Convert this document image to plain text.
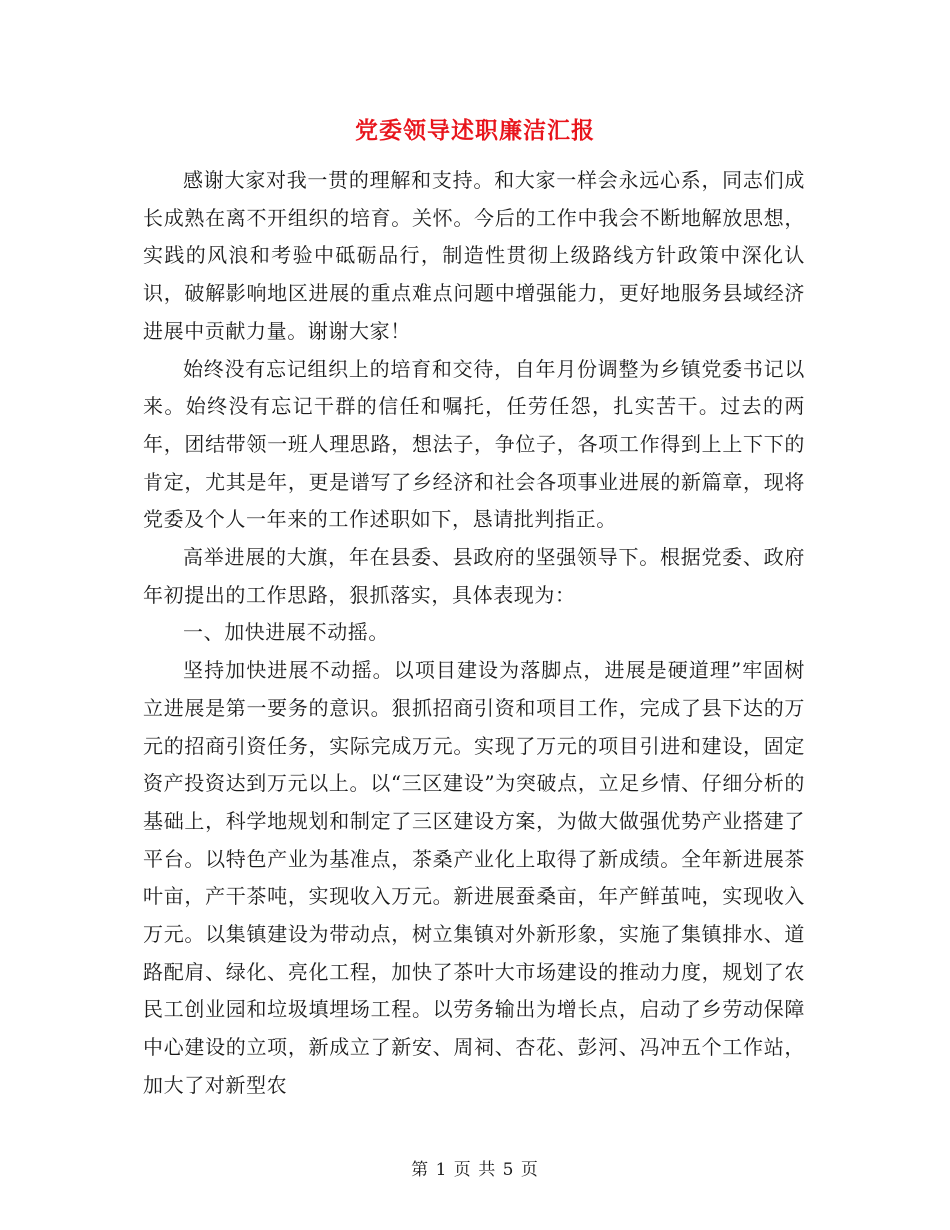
党委领导述职廉洁汇报

感谢大家对我一贯的理解和支持。和大家一样会永远心系，同志们成长成熟在离不开组织的培育。关怀。今后的工作中我会不断地解放思想，实践的风浪和考验中砥砺品行，制造性贯彻上级路线方针政策中深化认识，破解影响地区进展的重点难点问题中增强能力，更好地服务县域经济进展中贡献力量。谢谢大家！

始终没有忘记组织上的培育和交待，自年月份调整为乡镇党委书记以来。始终没有忘记干群的信任和嘱托，任劳任怨，扎实苦干。过去的两年，团结带领一班人理思路，想法子，争位子，各项工作得到上上下下的肯定，尤其是年，更是谱写了乡经济和社会各项事业进展的新篇章，现将党委及个人一年来的工作述职如下，恳请批判指正。

高举进展的大旗，年在县委、县政府的坚强领导下。根据党委、政府年初提出的工作思路，狠抓落实，具体表现为：

一、加快进展不动摇。

坚持加快进展不动摇。以项目建设为落脚点，进展是硬道理”牢固树立进展是第一要务的意识。狠抓招商引资和项目工作，完成了县下达的万元的招商引资任务，实际完成万元。实现了万元的项目引进和建设，固定资产投资达到万元以上。以“三区建设”为突破点，立足乡情、仔细分析的基础上，科学地规划和制定了三区建设方案，为做大做强优势产业搭建了平台。以特色产业为基准点，茶桑产业化上取得了新成绩。全年新进展茶叶亩，产干茶吨，实现收入万元。新进展蚕桑亩，年产鲜茧吨，实现收入万元。以集镇建设为带动点，树立集镇对外新形象，实施了集镇排水、道路配肩、绿化、亮化工程，加快了茶叶大市场建设的推动力度，规划了农民工创业园和垃圾填埋场工程。以劳务输出为增长点，启动了乡劳动保障中心建设的立项，新成立了新安、周祠、杏花、彭河、冯冲五个工作站，加大了对新型农

第 1 页 共 5 页
